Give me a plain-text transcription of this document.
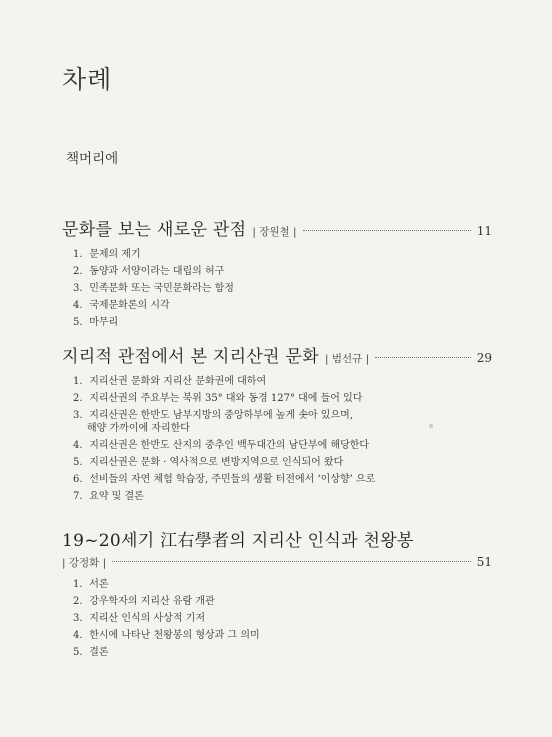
차례
책머리에
문화를 보는 새로운 관점 | 장원철 |	11
1. 문제의 제기
2. 동양과 서양이라는 대립의 허구
3. 민족문화 또는 국민문화라는 함정
4. 국제문화론의 시각
5. 마무리
지리적 관점에서 본 지리산권 문화 | 범선규 |	29
1. 지리산권 문화와 지리산 문화권에 대하여
2. 지리산권의 주요부는 북위 35° 대와 동경 127° 대에 들어 있다
3. 지리산권은 한반도 남부지방의 중앙하부에 높게 솟아 있으며,
해양 가까이에 자리한다
4. 지리산권은 한반도 산지의 중추인 백두대간의 남단부에 해당한다
5. 지리산권은 문화 · 역사적으로 변방지역으로 인식되어 왔다
6. 선비들의 자연 체험 학습장, 주민들의 생활 터전에서 ‘이상향’ 으로
7. 요약 및 결론
19~20세기 江右學者의 지리산 인식과 천왕봉
| 강정화 |	51
1. 서론
2. 강우학자의 지리산 유람 개관
3. 지리산 인식의 사상적 기저
4. 한시에 나타난 천왕봉의 형상과 그 의미
5. 결론
